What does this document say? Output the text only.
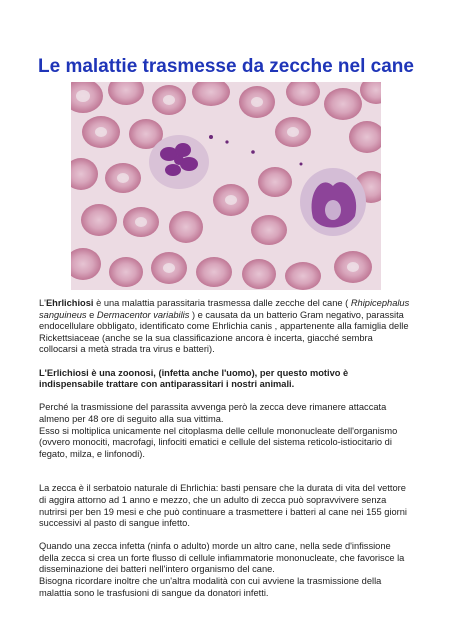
Le malattie trasmesse da zecche nel cane

L'Ehrlichiosi è una malattia parassitaria trasmessa dalle zecche del cane ( Rhipicephalus
sanguineus e Dermacentor variabilis ) e causata da un batterio Gram negativo, parassita
endocellulare obbligato, identificato come Ehrlichia canis , appartenente alla famiglia delle
Rickettsiaceae (anche se la sua classificazione ancora è incerta, giacché sembra
collocarsi a metà strada tra virus e batteri).

L'Erlichiosi è una zoonosi, (infetta anche l'uomo), per questo motivo è
indispensabile trattare con antiparassitari i nostri animali.

Perché la trasmissione del parassita avvenga però la zecca deve rimanere attaccata
almeno per 48 ore di seguito alla sua vittima.
Esso si moltiplica unicamente nel citoplasma delle cellule mononucleate dell'organismo
(ovvero monociti, macrofagi, linfociti ematici e cellule del sistema reticolo-istiocitario di
fegato, milza, e linfonodi).

La zecca è il serbatoio naturale di Ehrlichia: basti pensare che la durata di vita del vettore
di aggira attorno ad 1 anno e mezzo, che un adulto di zecca può sopravvivere senza
nutrirsi per ben 19 mesi e che può continuare a trasmettere i batteri al cane nei 155 giorni
successivi al pasto di sangue infetto.

Quando una zecca infetta (ninfa o adulto) morde un altro cane, nella sede d'infissione
della zecca si crea un forte flusso di cellule infiammatorie mononucleate, che favorisce la
disseminazione dei batteri nell'intero organismo del cane.
Bisogna ricordare inoltre che un'altra modalità con cui avviene la trasmissione della
malattia sono le trasfusioni di sangue da donatori infetti.
